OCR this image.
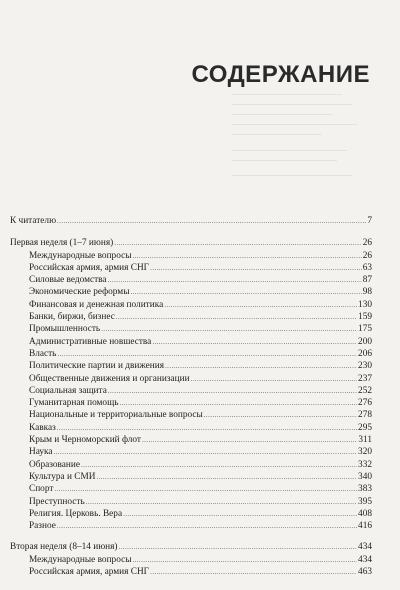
СОДЕРЖАНИЕ
К читателю .....	7
Первая неделя (1–7 июня) .....	26
Международные вопросы .....	26
Российская армия, армия СНГ .....	63
Силовые ведомства .....	87
Экономические реформы .....	98
Финансовая и денежная политика .....	130
Банки, биржи, бизнес .....	159
Промышленность .....	175
Административные новшества .....	200
Власть .....	206
Политические партии и движения .....	230
Общественные движения и организации .....	237
Социальная защита .....	252
Гуманитарная помощь .....	276
Национальные и территориальные вопросы .....	278
Кавказ .....	295
Крым и Черноморский флот .....	311
Наука .....	320
Образование .....	332
Культура и СМИ .....	340
Спорт .....	383
Преступность .....	395
Религия. Церковь. Вера .....	408
Разное .....	416
Вторая неделя (8–14 июня) .....	434
Международные вопросы .....	434
Российская армия, армия СНГ .....	463
